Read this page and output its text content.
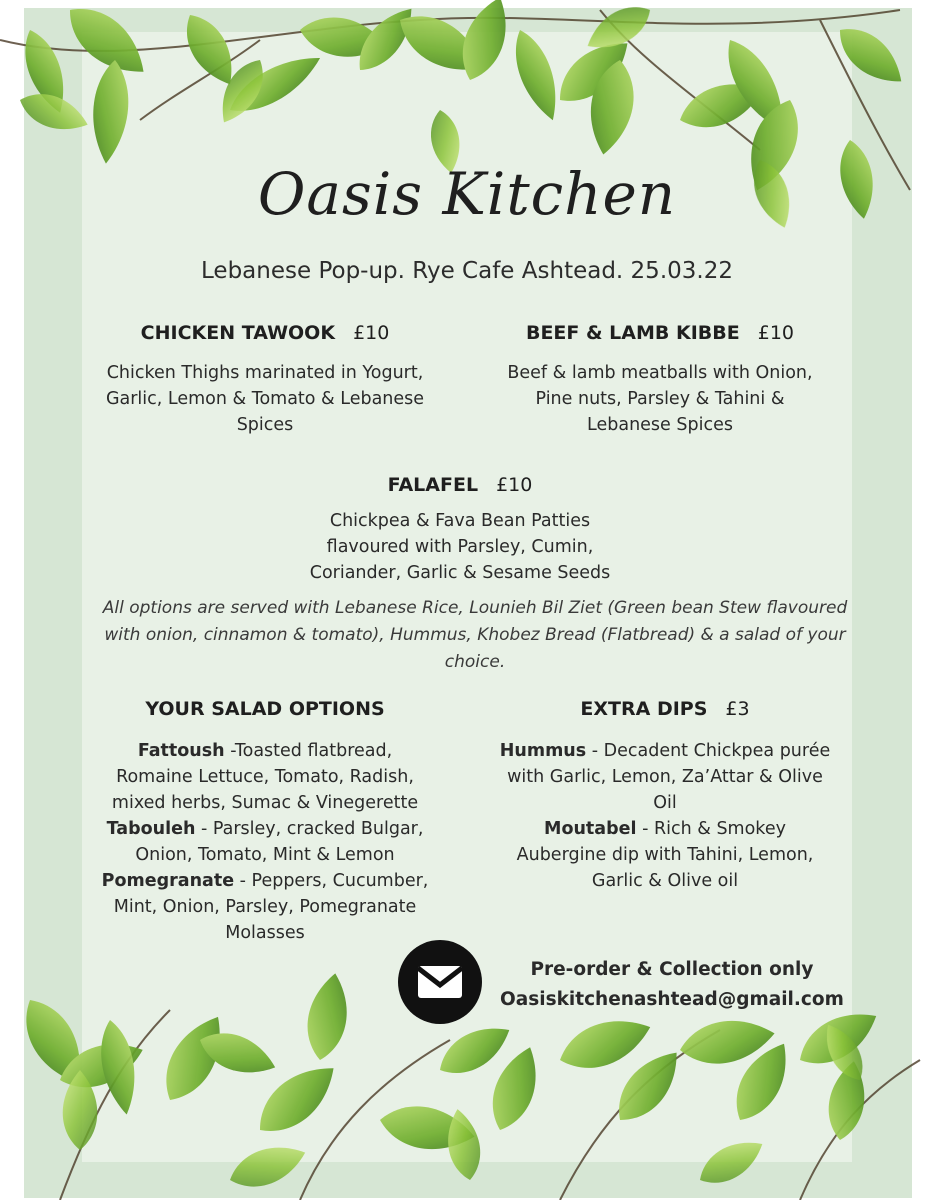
Oasis Kitchen
Lebanese Pop-up. Rye Cafe Ashtead. 25.03.22
CHICKEN TAWOOK £10
Chicken Thighs marinated in Yogurt,
Garlic, Lemon & Tomato & Lebanese
Spices
BEEF & LAMB KIBBE £10
Beef & lamb meatballs with Onion,
Pine nuts, Parsley & Tahini &
Lebanese Spices
FALAFEL £10
Chickpea & Fava Bean Patties
flavoured with Parsley, Cumin,
Coriander, Garlic & Sesame Seeds
All options are served with Lebanese Rice, Lounieh Bil Ziet (Green bean Stew flavoured
with onion, cinnamon & tomato), Hummus, Khobez Bread (Flatbread) & a salad of your
choice.
YOUR SALAD OPTIONS
Fattoush -Toasted flatbread,
Romaine Lettuce, Tomato, Radish,
mixed herbs, Sumac & Vinegerette
Tabouleh - Parsley, cracked Bulgar,
Onion, Tomato, Mint & Lemon
Pomegranate - Peppers, Cucumber,
Mint, Onion, Parsley, Pomegranate
Molasses
EXTRA DIPS £3
Hummus - Decadent Chickpea purée
with Garlic, Lemon, Za’Attar & Olive
Oil
Moutabel - Rich & Smokey
Aubergine dip with Tahini, Lemon,
Garlic & Olive oil
Pre-order & Collection only
Oasiskitchenashtead@gmail.com
